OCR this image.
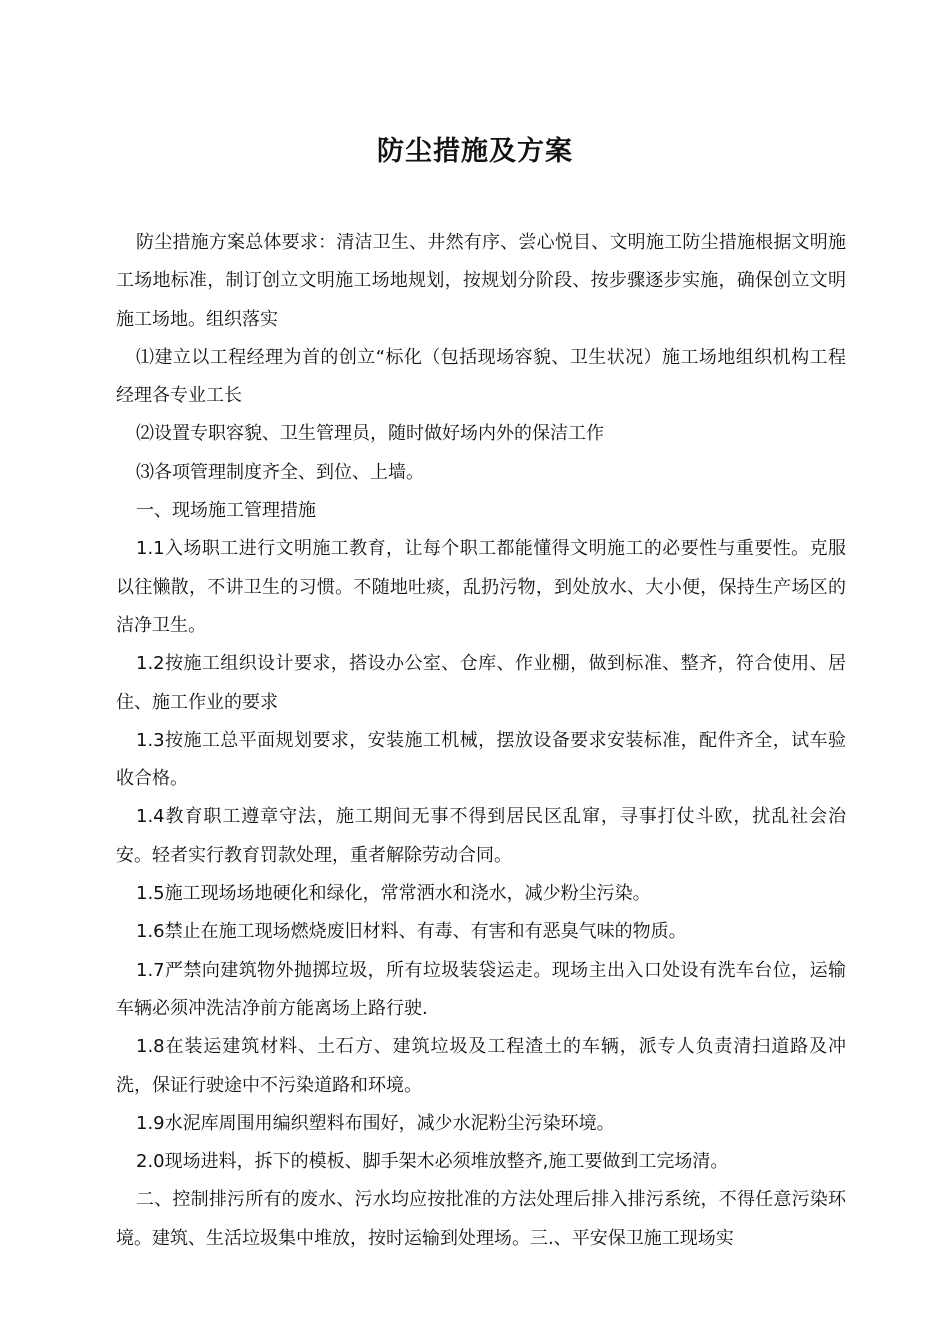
防尘措施及方案

防尘措施方案总体要求：清洁卫生、井然有序、尝心悦目、文明施工防尘措施根据文明施工场地标准，制订创立文明施工场地规划，按规划分阶段、按步骤逐步实施，确保创立文明施工场地。组织落实

⑴建立以工程经理为首的创立“标化（包括现场容貌、卫生状况）施工场地组织机构工程经理各专业工长

⑵设置专职容貌、卫生管理员，随时做好场内外的保洁工作

⑶各项管理制度齐全、到位、上墙。

一、现场施工管理措施

1.1入场职工进行文明施工教育，让每个职工都能懂得文明施工的必要性与重要性。克服以往懒散，不讲卫生的习惯。不随地吐痰，乱扔污物，到处放水、大小便，保持生产场区的洁净卫生。

1.2按施工组织设计要求，搭设办公室、仓库、作业棚，做到标准、整齐，符合使用、居住、施工作业的要求

1.3按施工总平面规划要求，安装施工机械，摆放设备要求安装标准，配件齐全，试车验收合格。

1.4教育职工遵章守法，施工期间无事不得到居民区乱窜，寻事打仗斗欧，扰乱社会治安。轻者实行教育罚款处理，重者解除劳动合同。

1.5施工现场场地硬化和绿化，常常洒水和浇水，减少粉尘污染。

1.6禁止在施工现场燃烧废旧材料、有毒、有害和有恶臭气味的物质。

1.7严禁向建筑物外抛掷垃圾，所有垃圾装袋运走。现场主出入口处设有洗车台位，运输车辆必须冲洗洁净前方能离场上路行驶.

1.8在装运建筑材料、土石方、建筑垃圾及工程渣土的车辆，派专人负责清扫道路及冲洗，保证行驶途中不污染道路和环境。

1.9水泥库周围用编织塑料布围好，减少水泥粉尘污染环境。

2.0现场进料，拆下的模板、脚手架木必须堆放整齐,施工要做到工完场清。

二、控制排污所有的废水、污水均应按批准的方法处理后排入排污系统，不得任意污染环境。建筑、生活垃圾集中堆放，按时运输到处理场。三.、平安保卫施工现场实
